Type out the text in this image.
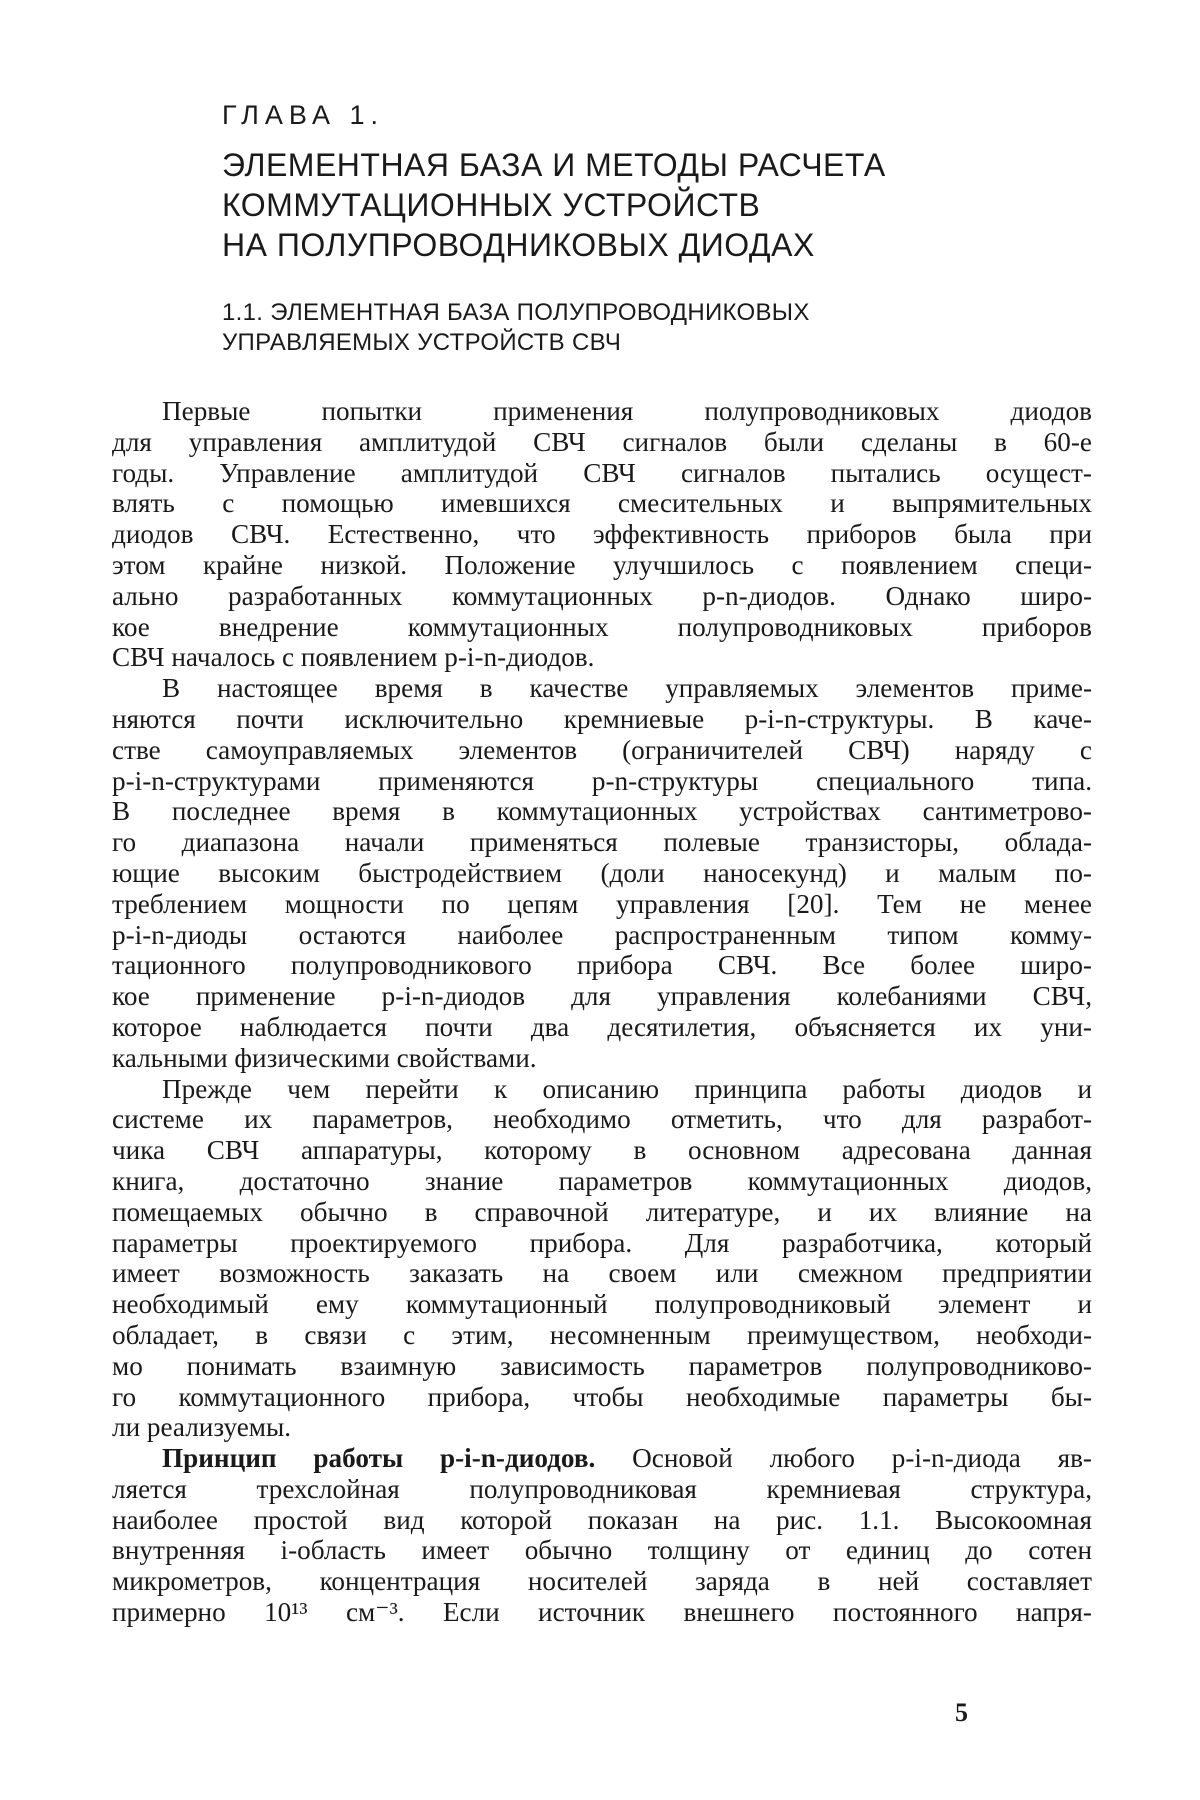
ГЛАВА 1.
ЭЛЕМЕНТНАЯ БАЗА И МЕТОДЫ РАСЧЕТА
КОММУТАЦИОННЫХ УСТРОЙСТВ
НА ПОЛУПРОВОДНИКОВЫХ ДИОДАХ
1.1. ЭЛЕМЕНТНАЯ БАЗА ПОЛУПРОВОДНИКОВЫХ
УПРАВЛЯЕМЫХ УСТРОЙСТВ СВЧ
Первые попытки применения полупроводниковых диодов
для управления амплитудой СВЧ сигналов были сделаны в 60-е
годы. Управление амплитудой СВЧ сигналов пытались осущест-
влять с помощью имевшихся смесительных и выпрямительных
диодов СВЧ. Естественно, что эффективность приборов была при
этом крайне низкой. Положение улучшилось с появлением специ-
ально разработанных коммутационных p-n-диодов. Однако широ-
кое внедрение коммутационных полупроводниковых приборов
СВЧ началось с появлением p-i-n-диодов.
В настоящее время в качестве управляемых элементов приме-
няются почти исключительно кремниевые p-i-n-структуры. В каче-
стве самоуправляемых элементов (ограничителей СВЧ) наряду с
p-i-n-структурами применяются p-n-структуры специального типа.
В последнее время в коммутационных устройствах сантиметрово-
го диапазона начали применяться полевые транзисторы, облада-
ющие высоким быстродействием (доли наносекунд) и малым по-
треблением мощности по цепям управления [20]. Тем не менее
p-i-n-диоды остаются наиболее распространенным типом комму-
тационного полупроводникового прибора СВЧ. Все более широ-
кое применение p-i-n-диодов для управления колебаниями СВЧ,
которое наблюдается почти два десятилетия, объясняется их уни-
кальными физическими свойствами.
Прежде чем перейти к описанию принципа работы диодов и
системе их параметров, необходимо отметить, что для разработ-
чика СВЧ аппаратуры, которому в основном адресована данная
книга, достаточно знание параметров коммутационных диодов,
помещаемых обычно в справочной литературе, и их влияние на
параметры проектируемого прибора. Для разработчика, который
имеет возможность заказать на своем или смежном предприятии
необходимый ему коммутационный полупроводниковый элемент и
обладает, в связи с этим, несомненным преимуществом, необходи-
мо понимать взаимную зависимость параметров полупроводниково-
го коммутационного прибора, чтобы необходимые параметры бы-
ли реализуемы.
Принцип работы p-i-n-диодов. Основой любого p-i-n-диода яв-
ляется трехслойная полупроводниковая кремниевая структура,
наиболее простой вид которой показан на рис. 1.1. Высокоомная
внутренняя i-область имеет обычно толщину от единиц до сотен
микрометров, концентрация носителей заряда в ней составляет
примерно 10¹³ см⁻³. Если источник внешнего постоянного напря-
5
